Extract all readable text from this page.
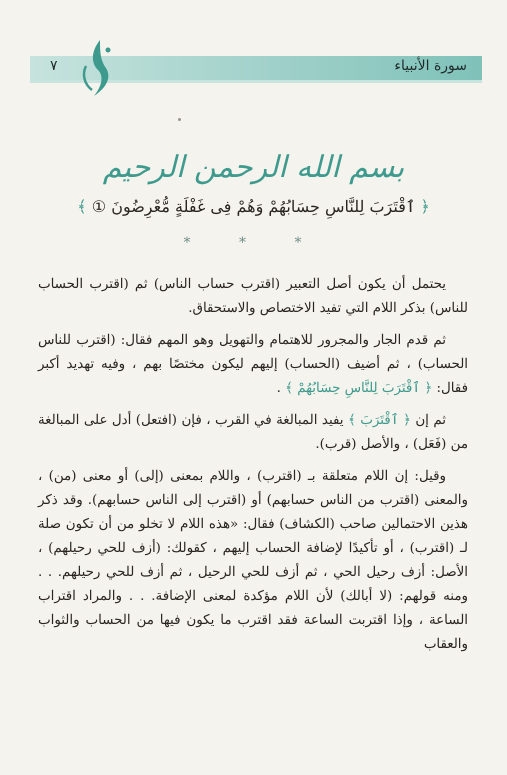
سورة الأنبياء
٧
بسم الله الرحمن الرحيم
﴿ ٱقْتَرَبَ لِلنَّاسِ حِسَابُهُمْ وَهُمْ فِى غَفْلَةٍ مُّعْرِضُونَ ① ﴾
* * *

يحتمل أن يكون أصل التعبير (اقترب حساب الناس) ثم (اقترب الحساب للناس) بذكر اللام التي تفيد الاختصاص والاستحقاق.

ثم قدم الجار والمجرور للاهتمام والتهويل وهو المهم فقال: (اقترب للناس الحساب) ، ثم أضيف (الحساب) إليهم ليكون مختصًا بهم ، وفيه تهديد أكبر فقال: ﴿ ٱقْتَرَبَ لِلنَّاسِ حِسَابُهُمْ ﴾ .

ثم إن ﴿ ٱقْتَرَبَ ﴾ يفيد المبالغة في القرب ، فإن (افتعل) أدل على المبالغة من (فَعَل) ، والأصل (قرب).

وقيل: إن اللام متعلقة بـ (اقترب) ، واللام بمعنى (إلى) أو معنى (من) ، والمعنى (اقترب من الناس حسابهم) أو (اقترب إلى الناس حسابهم). وقد ذكر هذين الاحتمالين صاحب (الكشاف) فقال: «هذه اللام لا تخلو من أن تكون صلة لـ (اقترب) ، أو تأكيدًا لإضافة الحساب إليهم ، كقولك: (أزف للحي رحيلهم) ، الأصل: أزف رحيل الحي ، ثم أزف للحي الرحيل ، ثم أزف للحي رحيلهم. . . ومنه قولهم: (لا أبالك) لأن اللام مؤكدة لمعنى الإضافة. . . والمراد اقتراب الساعة ، وإذا اقتربت الساعة فقد اقترب ما يكون فيها من الحساب والثواب والعقاب
